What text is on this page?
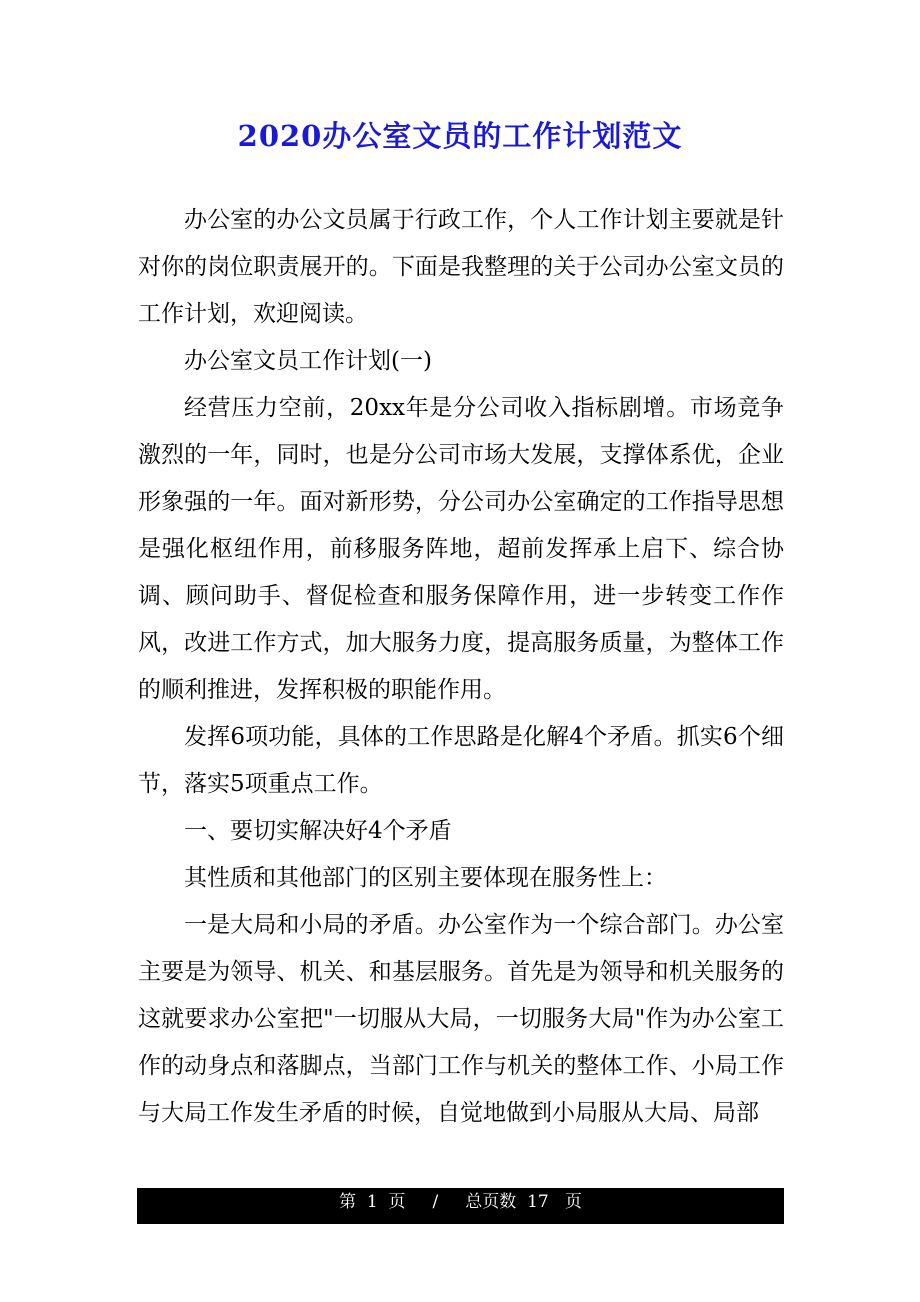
2020办公室文员的工作计划范文

办公室的办公文员属于行政工作，个人工作计划主要就是针对你的岗位职责展开的。下面是我整理的关于公司办公室文员的工作计划，欢迎阅读。

办公室文员工作计划(一)

经营压力空前，20xx年是分公司收入指标剧增。市场竞争激烈的一年，同时，也是分公司市场大发展，支撑体系优，企业形象强的一年。面对新形势，分公司办公室确定的工作指导思想是强化枢纽作用，前移服务阵地，超前发挥承上启下、综合协调、顾问助手、督促检查和服务保障作用，进一步转变工作作风，改进工作方式，加大服务力度，提高服务质量，为整体工作的顺利推进，发挥积极的职能作用。

发挥6项功能，具体的工作思路是化解4个矛盾。抓实6个细节，落实5项重点工作。

一、要切实解决好4个矛盾

其性质和其他部门的区别主要体现在服务性上：

一是大局和小局的矛盾。办公室作为一个综合部门。办公室主要是为领导、机关、和基层服务。首先是为领导和机关服务的这就要求办公室把"一切服从大局，一切服务大局"作为办公室工作的动身点和落脚点，当部门工作与机关的整体工作、小局工作与大局工作发生矛盾的时候，自觉地做到小局服从大局、局部

第 1 页 / 总页数 17 页
